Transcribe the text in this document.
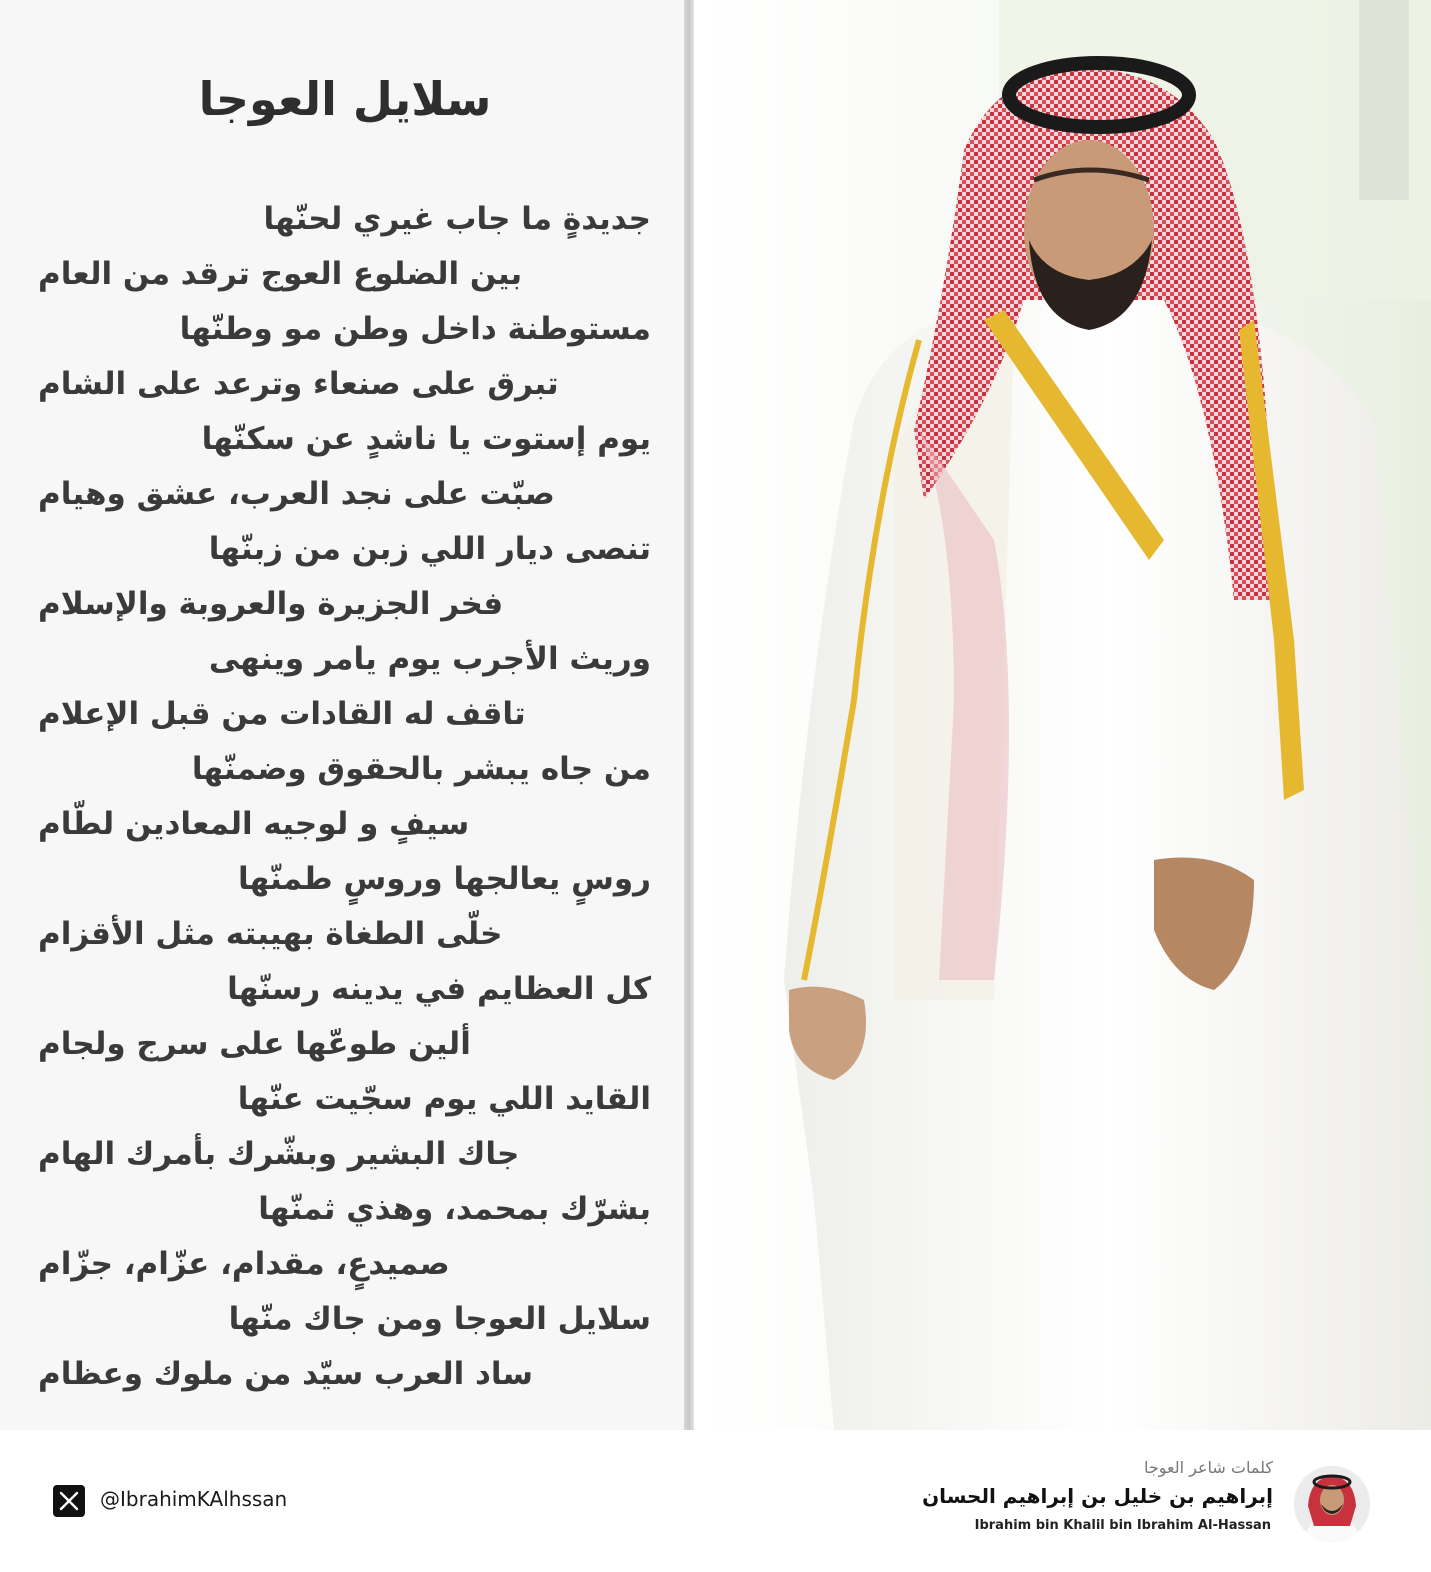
سلايل العوجا
جديدةٍ ما جاب غيري لحنّها
بين الضلوع العوج ترقد من العام
مستوطنة داخل وطن مو وطنّها
تبرق على صنعاء وترعد على الشام
يوم إستوت يا ناشدٍ عن سكنّها
صبّت على نجد العرب، عشق وهيام
تنصى ديار اللي زبن من زبنّها
فخر الجزيرة والعروبة والإسلام
وريث الأجرب يوم يامر وينهى
تاقف له القادات من قبل الإعلام
من جاه يبشر بالحقوق وضمنّها
سيفٍ و لوجيه المعادين لطّام
روسٍ يعالجها وروسٍ طمنّها
خلّى الطغاة بهيبته مثل الأقزام
كل العظايم في يدينه رسنّها
ألين طوعّها على سرج ولجام
القايد اللي يوم سجّيت عنّها
جاك البشير وبشّرك بأمرك الهام
بشرّك بمحمد، وهذي ثمنّها
صميدعٍ، مقدام، عزّام، جزّام
سلايل العوجا ومن جاك منّها
ساد العرب سيّد من ملوك وعظام
@IbrahimKAlhssan
كلمات شاعر العوجا
إبراهيم بن خليل بن إبراهيم الحسان
Ibrahim bin Khalil bin Ibrahim Al-Hassan
